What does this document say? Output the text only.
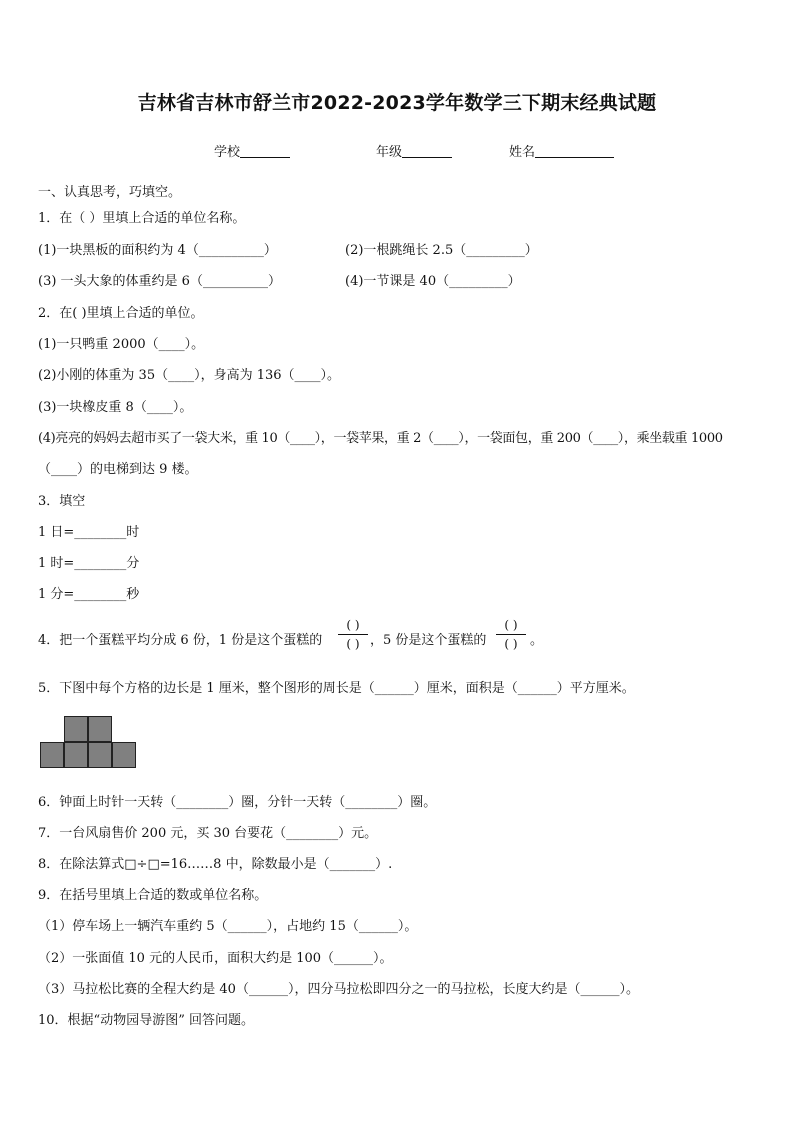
吉林省吉林市舒兰市2022-2023学年数学三下期末经典试题
学校	年级	姓名
一、认真思考，巧填空。
1．在（ ）里填上合适的单位名称。
(1)一块黑板的面积约为 4（__________）	(2)一根跳绳长 2.5（_________）
(3) 一头大象的体重约是 6（__________）	(4)一节课是 40（_________）
2．在( )里填上合适的单位。
(1)一只鸭重 2000（____）。
(2)小刚的体重为 35（____），身高为 136（____）。
(3)一块橡皮重 8（____）。
(4)亮亮的妈妈去超市买了一袋大米，重 10（____），一袋苹果，重 2（____），一袋面包，重 200（____），乘坐载重 1000
（____）的电梯到达 9 楼。
3．填空
1 日=________时
1 时=________分
1 分=________秒
4．把一个蛋糕平均分成 6 份，1 份是这个蛋糕的
( )
( ) ，5 份是这个蛋糕的
( )
( ) 。
5．下图中每个方格的边长是 1 厘米，整个图形的周长是（______）厘米，面积是（______）平方厘米。
6．钟面上时针一天转（________）圈，分针一天转（________）圈。
7．一台风扇售价 200 元，买 30 台要花（________）元。
8．在除法算式□÷□=16……8 中，除数最小是（_______）.
9．在括号里填上合适的数或单位名称。
（1）停车场上一辆汽车重约 5（______），占地约 15（______）。
（2）一张面值 10 元的人民币，面积大约是 100（______）。
（3）马拉松比赛的全程大约是 40（______），四分马拉松即四分之一的马拉松，长度大约是（______）。
10．根据“动物园导游图” 回答问题。
